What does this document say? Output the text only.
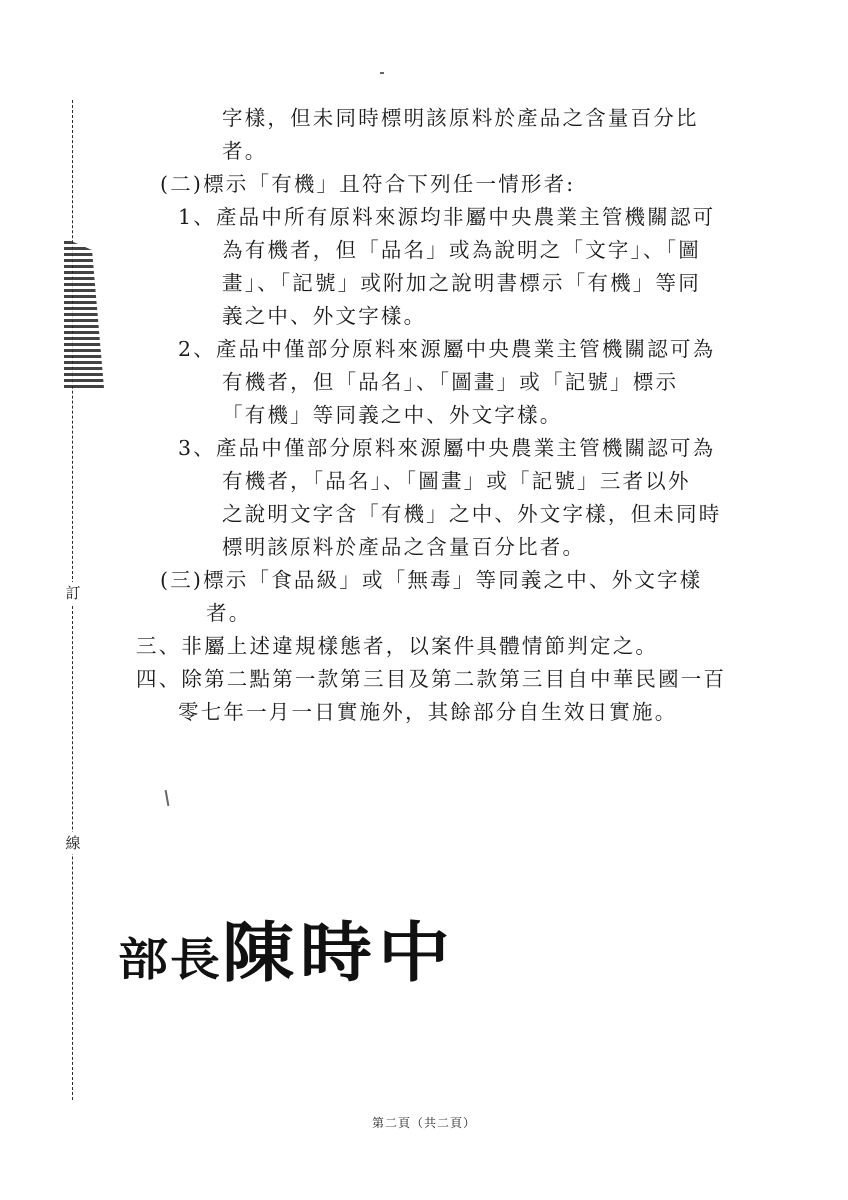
訂
線
字樣，但未同時標明該原料於產品之含量百分比
者。
(二)標示「有機」且符合下列任一情形者:
1、產品中所有原料來源均非屬中央農業主管機關認可
為有機者，但「品名」或為說明之「文字」、「圖
畫」、「記號」或附加之說明書標示「有機」等同
義之中、外文字樣。
2、產品中僅部分原料來源屬中央農業主管機關認可為
有機者，但「品名」、「圖畫」或「記號」標示
「有機」等同義之中、外文字樣。
3、產品中僅部分原料來源屬中央農業主管機關認可為
有機者，「品名」、「圖畫」或「記號」三者以外
之說明文字含「有機」之中、外文字樣，但未同時
標明該原料於產品之含量百分比者。
(三)標示「食品級」或「無毒」等同義之中、外文字樣
者。
三、非屬上述違規樣態者，以案件具體情節判定之。
四、除第二點第一款第三目及第二款第三目自中華民國一百
零七年一月一日實施外，其餘部分自生效日實施。
部長陳時中
第二頁（共二頁）
